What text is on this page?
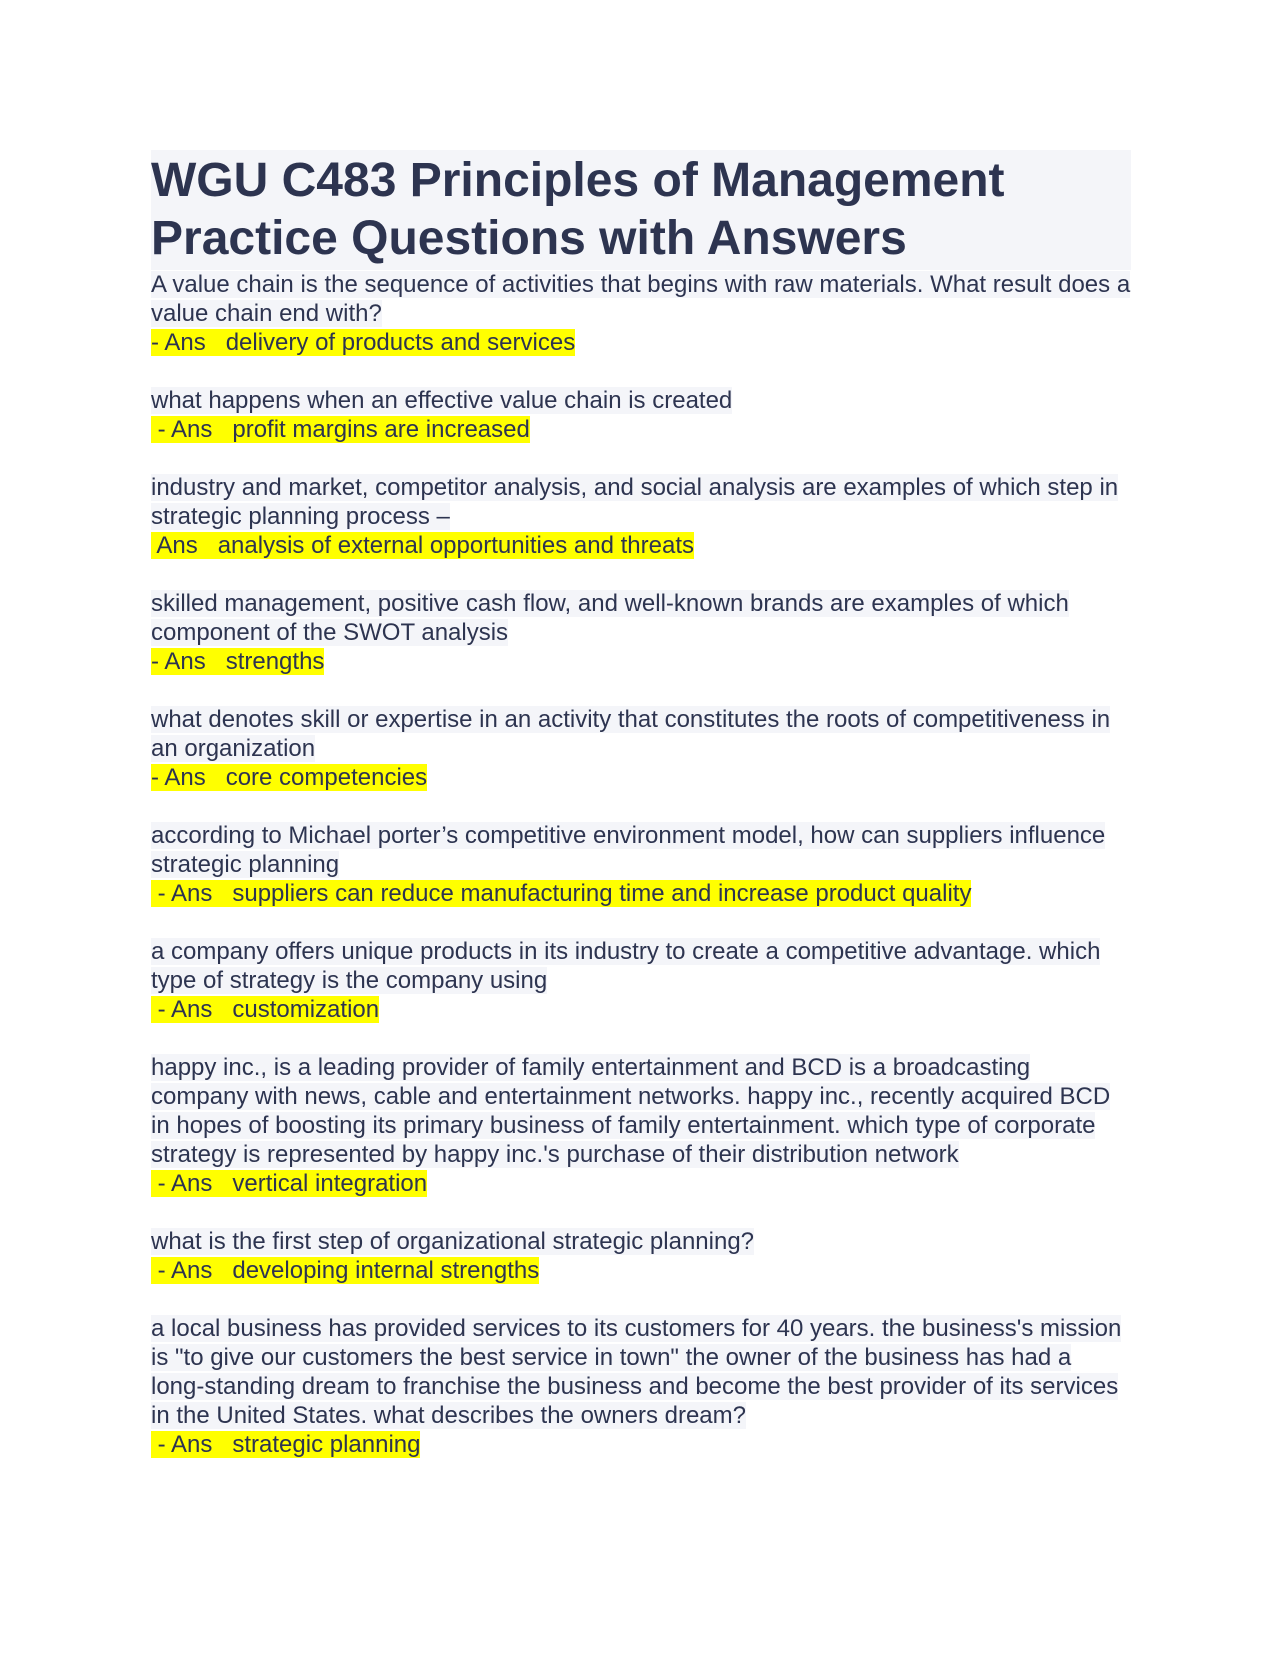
WGU C483 Principles of Management
Practice Questions with Answers
A value chain is the sequence of activities that begins with raw materials. What result does a value chain end with?
- Ans   delivery of products and services
what happens when an effective value chain is created
- Ans   profit margins are increased
industry and market, competitor analysis, and social analysis are examples of which step in strategic planning process –
Ans   analysis of external opportunities and threats
skilled management, positive cash flow, and well-known brands are examples of which component of the SWOT analysis
- Ans   strengths
what denotes skill or expertise in an activity that constitutes the roots of competitiveness in an organization
- Ans   core competencies
according to Michael porter’s competitive environment model, how can suppliers influence strategic planning
- Ans   suppliers can reduce manufacturing time and increase product quality
a company offers unique products in its industry to create a competitive advantage. which type of strategy is the company using
- Ans   customization
happy inc., is a leading provider of family entertainment and BCD is a broadcasting company with news, cable and entertainment networks. happy inc., recently acquired BCD in hopes of boosting its primary business of family entertainment. which type of corporate strategy is represented by happy inc.'s purchase of their distribution network
- Ans   vertical integration
what is the first step of organizational strategic planning?
- Ans   developing internal strengths
a local business has provided services to its customers for 40 years. the business's mission is "to give our customers the best service in town" the owner of the business has had a long-standing dream to franchise the business and become the best provider of its services in the United States. what describes the owners dream?
- Ans   strategic planning
